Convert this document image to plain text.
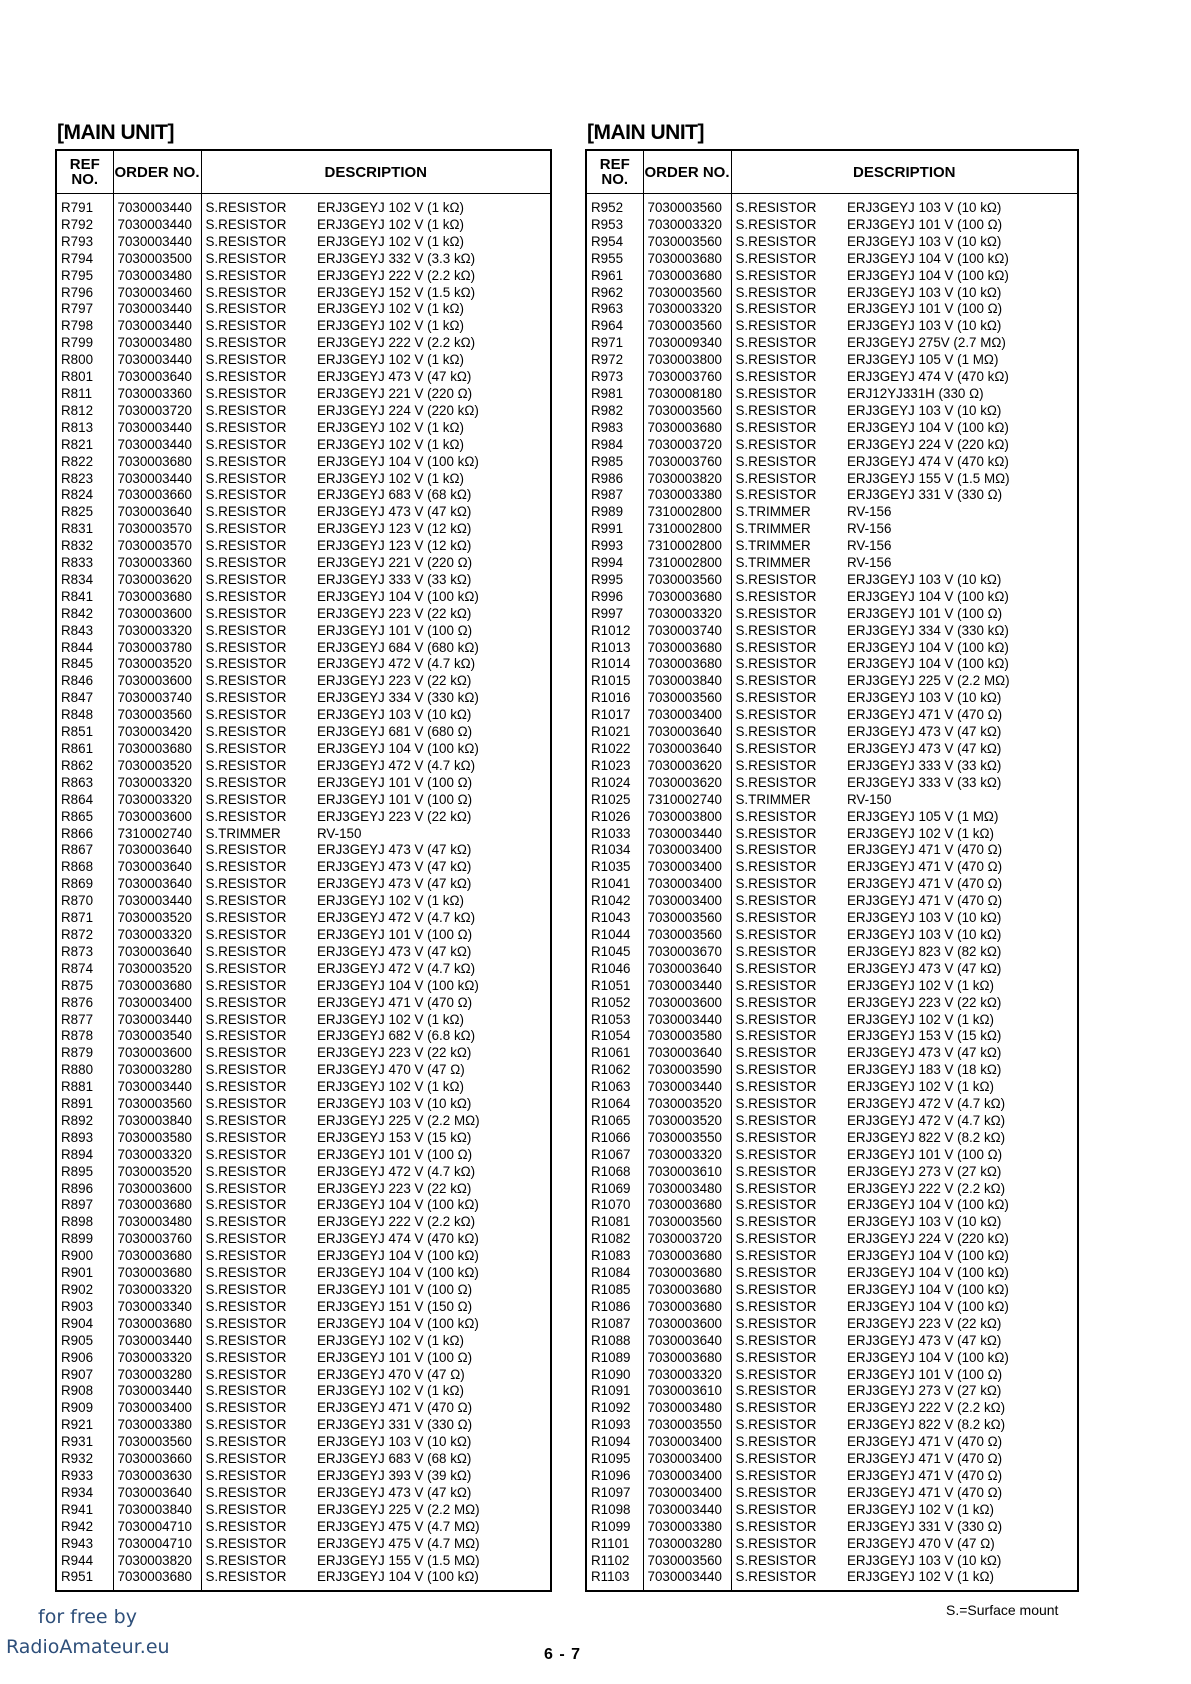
[MAIN UNIT]	[MAIN UNIT]
REF NO.	ORDER NO.	DESCRIPTION	
R791	7030003440	S.RESISTOR	ERJ3GEYJ 102 V (1 kΩ)
R792	7030003440	S.RESISTOR	ERJ3GEYJ 102 V (1 kΩ)
R793	7030003440	S.RESISTOR	ERJ3GEYJ 102 V (1 kΩ)
R794	7030003500	S.RESISTOR	ERJ3GEYJ 332 V (3.3 kΩ)
R795	7030003480	S.RESISTOR	ERJ3GEYJ 222 V (2.2 kΩ)
R796	7030003460	S.RESISTOR	ERJ3GEYJ 152 V (1.5 kΩ)
R797	7030003440	S.RESISTOR	ERJ3GEYJ 102 V (1 kΩ)
R798	7030003440	S.RESISTOR	ERJ3GEYJ 102 V (1 kΩ)
R799	7030003480	S.RESISTOR	ERJ3GEYJ 222 V (2.2 kΩ)
R800	7030003440	S.RESISTOR	ERJ3GEYJ 102 V (1 kΩ)
R801	7030003640	S.RESISTOR	ERJ3GEYJ 473 V (47 kΩ)
R811	7030003360	S.RESISTOR	ERJ3GEYJ 221 V (220 Ω)
R812	7030003720	S.RESISTOR	ERJ3GEYJ 224 V (220 kΩ)
R813	7030003440	S.RESISTOR	ERJ3GEYJ 102 V (1 kΩ)
R821	7030003440	S.RESISTOR	ERJ3GEYJ 102 V (1 kΩ)
R822	7030003680	S.RESISTOR	ERJ3GEYJ 104 V (100 kΩ)
R823	7030003440	S.RESISTOR	ERJ3GEYJ 102 V (1 kΩ)
R824	7030003660	S.RESISTOR	ERJ3GEYJ 683 V (68 kΩ)
R825	7030003640	S.RESISTOR	ERJ3GEYJ 473 V (47 kΩ)
R831	7030003570	S.RESISTOR	ERJ3GEYJ 123 V (12 kΩ)
R832	7030003570	S.RESISTOR	ERJ3GEYJ 123 V (12 kΩ)
R833	7030003360	S.RESISTOR	ERJ3GEYJ 221 V (220 Ω)
R834	7030003620	S.RESISTOR	ERJ3GEYJ 333 V (33 kΩ)
R841	7030003680	S.RESISTOR	ERJ3GEYJ 104 V (100 kΩ)
R842	7030003600	S.RESISTOR	ERJ3GEYJ 223 V (22 kΩ)
R843	7030003320	S.RESISTOR	ERJ3GEYJ 101 V (100 Ω)
R844	7030003780	S.RESISTOR	ERJ3GEYJ 684 V (680 kΩ)
R845	7030003520	S.RESISTOR	ERJ3GEYJ 472 V (4.7 kΩ)
R846	7030003600	S.RESISTOR	ERJ3GEYJ 223 V (22 kΩ)
R847	7030003740	S.RESISTOR	ERJ3GEYJ 334 V (330 kΩ)
R848	7030003560	S.RESISTOR	ERJ3GEYJ 103 V (10 kΩ)
R851	7030003420	S.RESISTOR	ERJ3GEYJ 681 V (680 Ω)
R861	7030003680	S.RESISTOR	ERJ3GEYJ 104 V (100 kΩ)
R862	7030003520	S.RESISTOR	ERJ3GEYJ 472 V (4.7 kΩ)
R863	7030003320	S.RESISTOR	ERJ3GEYJ 101 V (100 Ω)
R864	7030003320	S.RESISTOR	ERJ3GEYJ 101 V (100 Ω)
R865	7030003600	S.RESISTOR	ERJ3GEYJ 223 V (22 kΩ)
R866	7310002740	S.TRIMMER	RV-150
R867	7030003640	S.RESISTOR	ERJ3GEYJ 473 V (47 kΩ)
R868	7030003640	S.RESISTOR	ERJ3GEYJ 473 V (47 kΩ)
R869	7030003640	S.RESISTOR	ERJ3GEYJ 473 V (47 kΩ)
R870	7030003440	S.RESISTOR	ERJ3GEYJ 102 V (1 kΩ)
R871	7030003520	S.RESISTOR	ERJ3GEYJ 472 V (4.7 kΩ)
R872	7030003320	S.RESISTOR	ERJ3GEYJ 101 V (100 Ω)
R873	7030003640	S.RESISTOR	ERJ3GEYJ 473 V (47 kΩ)
R874	7030003520	S.RESISTOR	ERJ3GEYJ 472 V (4.7 kΩ)
R875	7030003680	S.RESISTOR	ERJ3GEYJ 104 V (100 kΩ)
R876	7030003400	S.RESISTOR	ERJ3GEYJ 471 V (470 Ω)
R877	7030003440	S.RESISTOR	ERJ3GEYJ 102 V (1 kΩ)
R878	7030003540	S.RESISTOR	ERJ3GEYJ 682 V (6.8 kΩ)
R879	7030003600	S.RESISTOR	ERJ3GEYJ 223 V (22 kΩ)
R880	7030003280	S.RESISTOR	ERJ3GEYJ 470 V (47 Ω)
R881	7030003440	S.RESISTOR	ERJ3GEYJ 102 V (1 kΩ)
R891	7030003560	S.RESISTOR	ERJ3GEYJ 103 V (10 kΩ)
R892	7030003840	S.RESISTOR	ERJ3GEYJ 225 V (2.2 MΩ)
R893	7030003580	S.RESISTOR	ERJ3GEYJ 153 V (15 kΩ)
R894	7030003320	S.RESISTOR	ERJ3GEYJ 101 V (100 Ω)
R895	7030003520	S.RESISTOR	ERJ3GEYJ 472 V (4.7 kΩ)
R896	7030003600	S.RESISTOR	ERJ3GEYJ 223 V (22 kΩ)
R897	7030003680	S.RESISTOR	ERJ3GEYJ 104 V (100 kΩ)
R898	7030003480	S.RESISTOR	ERJ3GEYJ 222 V (2.2 kΩ)
R899	7030003760	S.RESISTOR	ERJ3GEYJ 474 V (470 kΩ)
R900	7030003680	S.RESISTOR	ERJ3GEYJ 104 V (100 kΩ)
R901	7030003680	S.RESISTOR	ERJ3GEYJ 104 V (100 kΩ)
R902	7030003320	S.RESISTOR	ERJ3GEYJ 101 V (100 Ω)
R903	7030003340	S.RESISTOR	ERJ3GEYJ 151 V (150 Ω)
R904	7030003680	S.RESISTOR	ERJ3GEYJ 104 V (100 kΩ)
R905	7030003440	S.RESISTOR	ERJ3GEYJ 102 V (1 kΩ)
R906	7030003320	S.RESISTOR	ERJ3GEYJ 101 V (100 Ω)
R907	7030003280	S.RESISTOR	ERJ3GEYJ 470 V (47 Ω)
R908	7030003440	S.RESISTOR	ERJ3GEYJ 102 V (1 kΩ)
R909	7030003400	S.RESISTOR	ERJ3GEYJ 471 V (470 Ω)
R921	7030003380	S.RESISTOR	ERJ3GEYJ 331 V (330 Ω)
R931	7030003560	S.RESISTOR	ERJ3GEYJ 103 V (10 kΩ)
R932	7030003660	S.RESISTOR	ERJ3GEYJ 683 V (68 kΩ)
R933	7030003630	S.RESISTOR	ERJ3GEYJ 393 V (39 kΩ)
R934	7030003640	S.RESISTOR	ERJ3GEYJ 473 V (47 kΩ)
R941	7030003840	S.RESISTOR	ERJ3GEYJ 225 V (2.2 MΩ)
R942	7030004710	S.RESISTOR	ERJ3GEYJ 475 V (4.7 MΩ)
R943	7030004710	S.RESISTOR	ERJ3GEYJ 475 V (4.7 MΩ)
R944	7030003820	S.RESISTOR	ERJ3GEYJ 155 V (1.5 MΩ)
R951	7030003680	S.RESISTOR	ERJ3GEYJ 104 V (100 kΩ)
REF NO.	ORDER NO.	DESCRIPTION	
R952	7030003560	S.RESISTOR	ERJ3GEYJ 103 V (10 kΩ)
R953	7030003320	S.RESISTOR	ERJ3GEYJ 101 V (100 Ω)
R954	7030003560	S.RESISTOR	ERJ3GEYJ 103 V (10 kΩ)
R955	7030003680	S.RESISTOR	ERJ3GEYJ 104 V (100 kΩ)
R961	7030003680	S.RESISTOR	ERJ3GEYJ 104 V (100 kΩ)
R962	7030003560	S.RESISTOR	ERJ3GEYJ 103 V (10 kΩ)
R963	7030003320	S.RESISTOR	ERJ3GEYJ 101 V (100 Ω)
R964	7030003560	S.RESISTOR	ERJ3GEYJ 103 V (10 kΩ)
R971	7030009340	S.RESISTOR	ERJ3GEYJ 275V (2.7 MΩ)
R972	7030003800	S.RESISTOR	ERJ3GEYJ 105 V (1 MΩ)
R973	7030003760	S.RESISTOR	ERJ3GEYJ 474 V (470 kΩ)
R981	7030008180	S.RESISTOR	ERJ12YJ331H (330 Ω)
R982	7030003560	S.RESISTOR	ERJ3GEYJ 103 V (10 kΩ)
R983	7030003680	S.RESISTOR	ERJ3GEYJ 104 V (100 kΩ)
R984	7030003720	S.RESISTOR	ERJ3GEYJ 224 V (220 kΩ)
R985	7030003760	S.RESISTOR	ERJ3GEYJ 474 V (470 kΩ)
R986	7030003820	S.RESISTOR	ERJ3GEYJ 155 V (1.5 MΩ)
R987	7030003380	S.RESISTOR	ERJ3GEYJ 331 V (330 Ω)
R989	7310002800	S.TRIMMER	RV-156
R991	7310002800	S.TRIMMER	RV-156
R993	7310002800	S.TRIMMER	RV-156
R994	7310002800	S.TRIMMER	RV-156
R995	7030003560	S.RESISTOR	ERJ3GEYJ 103 V (10 kΩ)
R996	7030003680	S.RESISTOR	ERJ3GEYJ 104 V (100 kΩ)
R997	7030003320	S.RESISTOR	ERJ3GEYJ 101 V (100 Ω)
R1012	7030003740	S.RESISTOR	ERJ3GEYJ 334 V (330 kΩ)
R1013	7030003680	S.RESISTOR	ERJ3GEYJ 104 V (100 kΩ)
R1014	7030003680	S.RESISTOR	ERJ3GEYJ 104 V (100 kΩ)
R1015	7030003840	S.RESISTOR	ERJ3GEYJ 225 V (2.2 MΩ)
R1016	7030003560	S.RESISTOR	ERJ3GEYJ 103 V (10 kΩ)
R1017	7030003400	S.RESISTOR	ERJ3GEYJ 471 V (470 Ω)
R1021	7030003640	S.RESISTOR	ERJ3GEYJ 473 V (47 kΩ)
R1022	7030003640	S.RESISTOR	ERJ3GEYJ 473 V (47 kΩ)
R1023	7030003620	S.RESISTOR	ERJ3GEYJ 333 V (33 kΩ)
R1024	7030003620	S.RESISTOR	ERJ3GEYJ 333 V (33 kΩ)
R1025	7310002740	S.TRIMMER	RV-150
R1026	7030003800	S.RESISTOR	ERJ3GEYJ 105 V (1 MΩ)
R1033	7030003440	S.RESISTOR	ERJ3GEYJ 102 V (1 kΩ)
R1034	7030003400	S.RESISTOR	ERJ3GEYJ 471 V (470 Ω)
R1035	7030003400	S.RESISTOR	ERJ3GEYJ 471 V (470 Ω)
R1041	7030003400	S.RESISTOR	ERJ3GEYJ 471 V (470 Ω)
R1042	7030003400	S.RESISTOR	ERJ3GEYJ 471 V (470 Ω)
R1043	7030003560	S.RESISTOR	ERJ3GEYJ 103 V (10 kΩ)
R1044	7030003560	S.RESISTOR	ERJ3GEYJ 103 V (10 kΩ)
R1045	7030003670	S.RESISTOR	ERJ3GEYJ 823 V (82 kΩ)
R1046	7030003640	S.RESISTOR	ERJ3GEYJ 473 V (47 kΩ)
R1051	7030003440	S.RESISTOR	ERJ3GEYJ 102 V (1 kΩ)
R1052	7030003600	S.RESISTOR	ERJ3GEYJ 223 V (22 kΩ)
R1053	7030003440	S.RESISTOR	ERJ3GEYJ 102 V (1 kΩ)
R1054	7030003580	S.RESISTOR	ERJ3GEYJ 153 V (15 kΩ)
R1061	7030003640	S.RESISTOR	ERJ3GEYJ 473 V (47 kΩ)
R1062	7030003590	S.RESISTOR	ERJ3GEYJ 183 V (18 kΩ)
R1063	7030003440	S.RESISTOR	ERJ3GEYJ 102 V (1 kΩ)
R1064	7030003520	S.RESISTOR	ERJ3GEYJ 472 V (4.7 kΩ)
R1065	7030003520	S.RESISTOR	ERJ3GEYJ 472 V (4.7 kΩ)
R1066	7030003550	S.RESISTOR	ERJ3GEYJ 822 V (8.2 kΩ)
R1067	7030003320	S.RESISTOR	ERJ3GEYJ 101 V (100 Ω)
R1068	7030003610	S.RESISTOR	ERJ3GEYJ 273 V (27 kΩ)
R1069	7030003480	S.RESISTOR	ERJ3GEYJ 222 V (2.2 kΩ)
R1070	7030003680	S.RESISTOR	ERJ3GEYJ 104 V (100 kΩ)
R1081	7030003560	S.RESISTOR	ERJ3GEYJ 103 V (10 kΩ)
R1082	7030003720	S.RESISTOR	ERJ3GEYJ 224 V (220 kΩ)
R1083	7030003680	S.RESISTOR	ERJ3GEYJ 104 V (100 kΩ)
R1084	7030003680	S.RESISTOR	ERJ3GEYJ 104 V (100 kΩ)
R1085	7030003680	S.RESISTOR	ERJ3GEYJ 104 V (100 kΩ)
R1086	7030003680	S.RESISTOR	ERJ3GEYJ 104 V (100 kΩ)
R1087	7030003600	S.RESISTOR	ERJ3GEYJ 223 V (22 kΩ)
R1088	7030003640	S.RESISTOR	ERJ3GEYJ 473 V (47 kΩ)
R1089	7030003680	S.RESISTOR	ERJ3GEYJ 104 V (100 kΩ)
R1090	7030003320	S.RESISTOR	ERJ3GEYJ 101 V (100 Ω)
R1091	7030003610	S.RESISTOR	ERJ3GEYJ 273 V (27 kΩ)
R1092	7030003480	S.RESISTOR	ERJ3GEYJ 222 V (2.2 kΩ)
R1093	7030003550	S.RESISTOR	ERJ3GEYJ 822 V (8.2 kΩ)
R1094	7030003400	S.RESISTOR	ERJ3GEYJ 471 V (470 Ω)
R1095	7030003400	S.RESISTOR	ERJ3GEYJ 471 V (470 Ω)
R1096	7030003400	S.RESISTOR	ERJ3GEYJ 471 V (470 Ω)
R1097	7030003400	S.RESISTOR	ERJ3GEYJ 471 V (470 Ω)
R1098	7030003440	S.RESISTOR	ERJ3GEYJ 102 V (1 kΩ)
R1099	7030003380	S.RESISTOR	ERJ3GEYJ 331 V (330 Ω)
R1101	7030003280	S.RESISTOR	ERJ3GEYJ 470 V (47 Ω)
R1102	7030003560	S.RESISTOR	ERJ3GEYJ 103 V (10 kΩ)
R1103	7030003440	S.RESISTOR	ERJ3GEYJ 102 V (1 kΩ)
S.=Surface mount
for free by
RadioAmateur.eu	6 - 7
